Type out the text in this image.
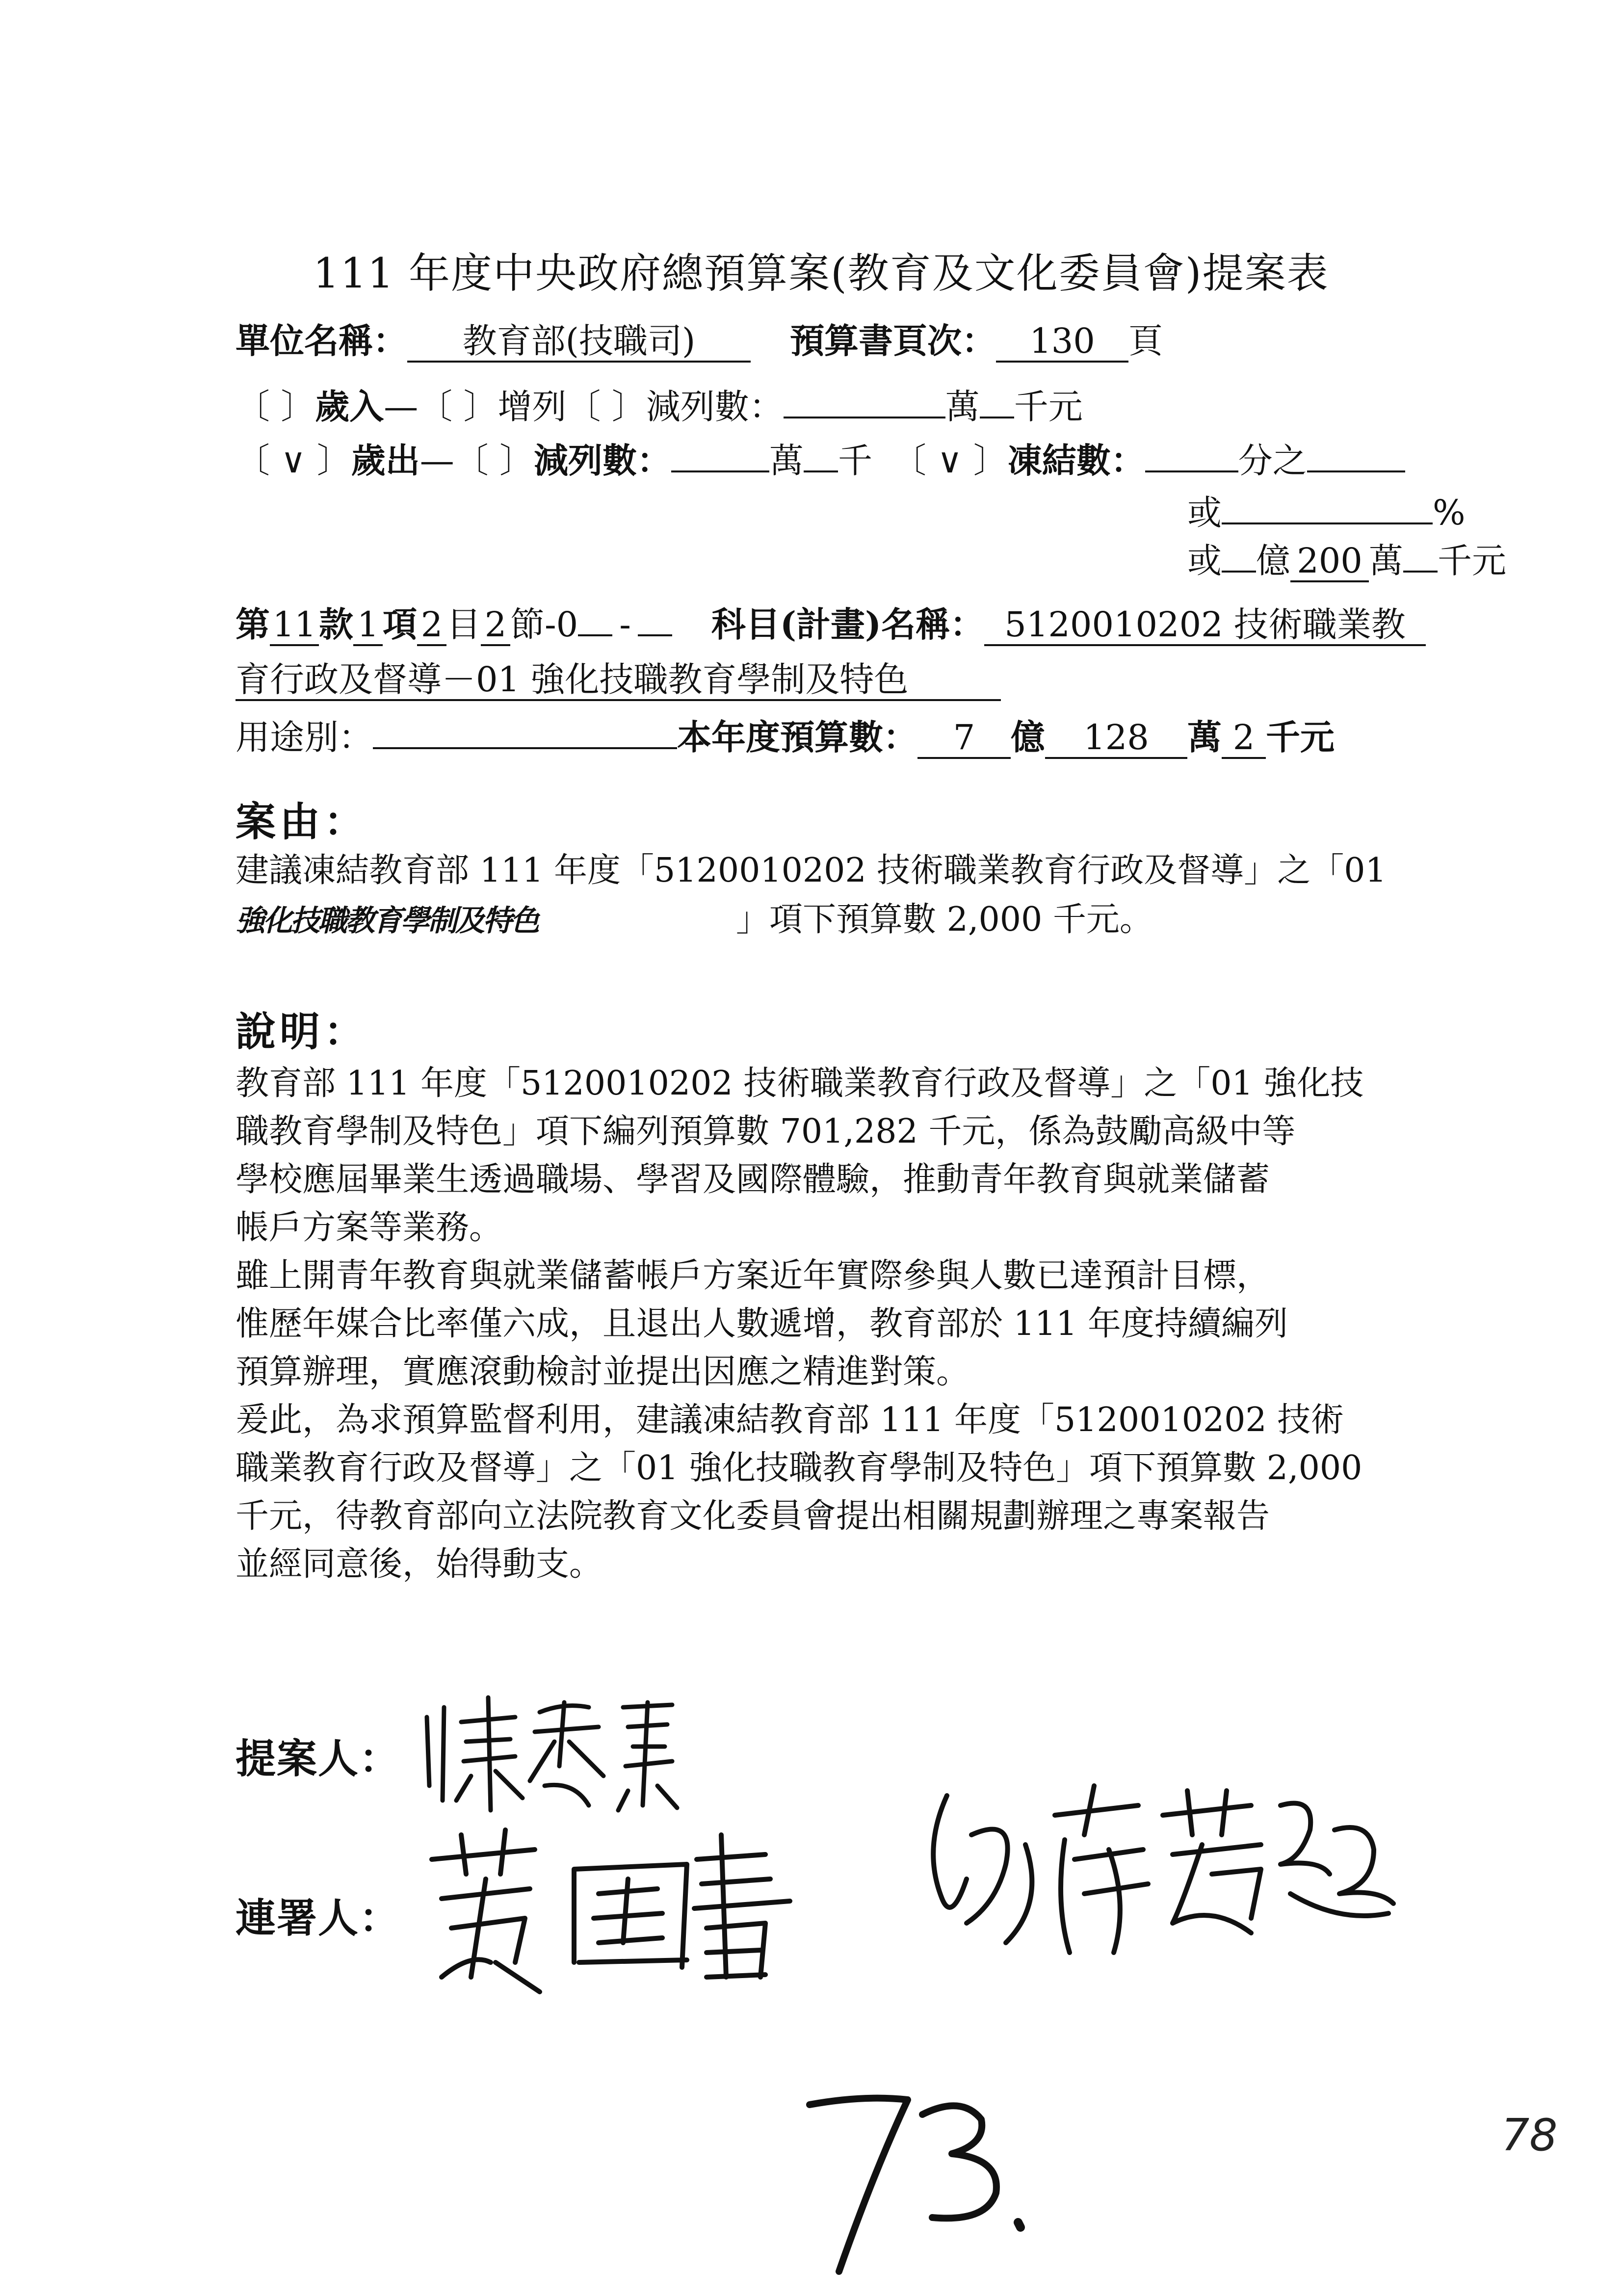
111 年度中央政府總預算案(教育及文化委員會)提案表
單位名稱： 教育部(技職司)	預算書頁次： 130 頁
〔 〕歲入—〔 〕增列〔 〕減列數：	萬 千元
〔 ∨ 〕歲出—〔 〕減列數：	萬 千 〔 ∨ 〕凍結數：	分之
或	%
或 億 200 萬 千元
第11款 1 項 2 目 2 節-0 - 科目(計畫)名稱： 5120010202 技術職業教
育行政及督導－01 強化技職教育學制及特色
用途別：	本年度預算數： 7 億 128 萬 2 千元
案由：
建議凍結教育部 111 年度「5120010202 技術職業教育行政及督導」之「01
強化技職教育學制及特色	」項下預算數 2,000 千元。
說明：
教育部 111 年度「5120010202 技術職業教育行政及督導」之「01 強化技
職教育學制及特色」項下編列預算數 701,282 千元，係為鼓勵高級中等
學校應屆畢業生透過職場、學習及國際體驗，推動青年教育與就業儲蓄
帳戶方案等業務。
雖上開青年教育與就業儲蓄帳戶方案近年實際參與人數已達預計目標，
惟歷年媒合比率僅六成，且退出人數遞增，教育部於 111 年度持續編列
預算辦理，實應滾動檢討並提出因應之精進對策。
爰此，為求預算監督利用，建議凍結教育部 111 年度「5120010202 技術
職業教育行政及督導」之「01 強化技職教育學制及特色」項下預算數 2,000
千元，待教育部向立法院教育文化委員會提出相關規劃辦理之專案報告
並經同意後，始得動支。
提案人：
連署人：
78
